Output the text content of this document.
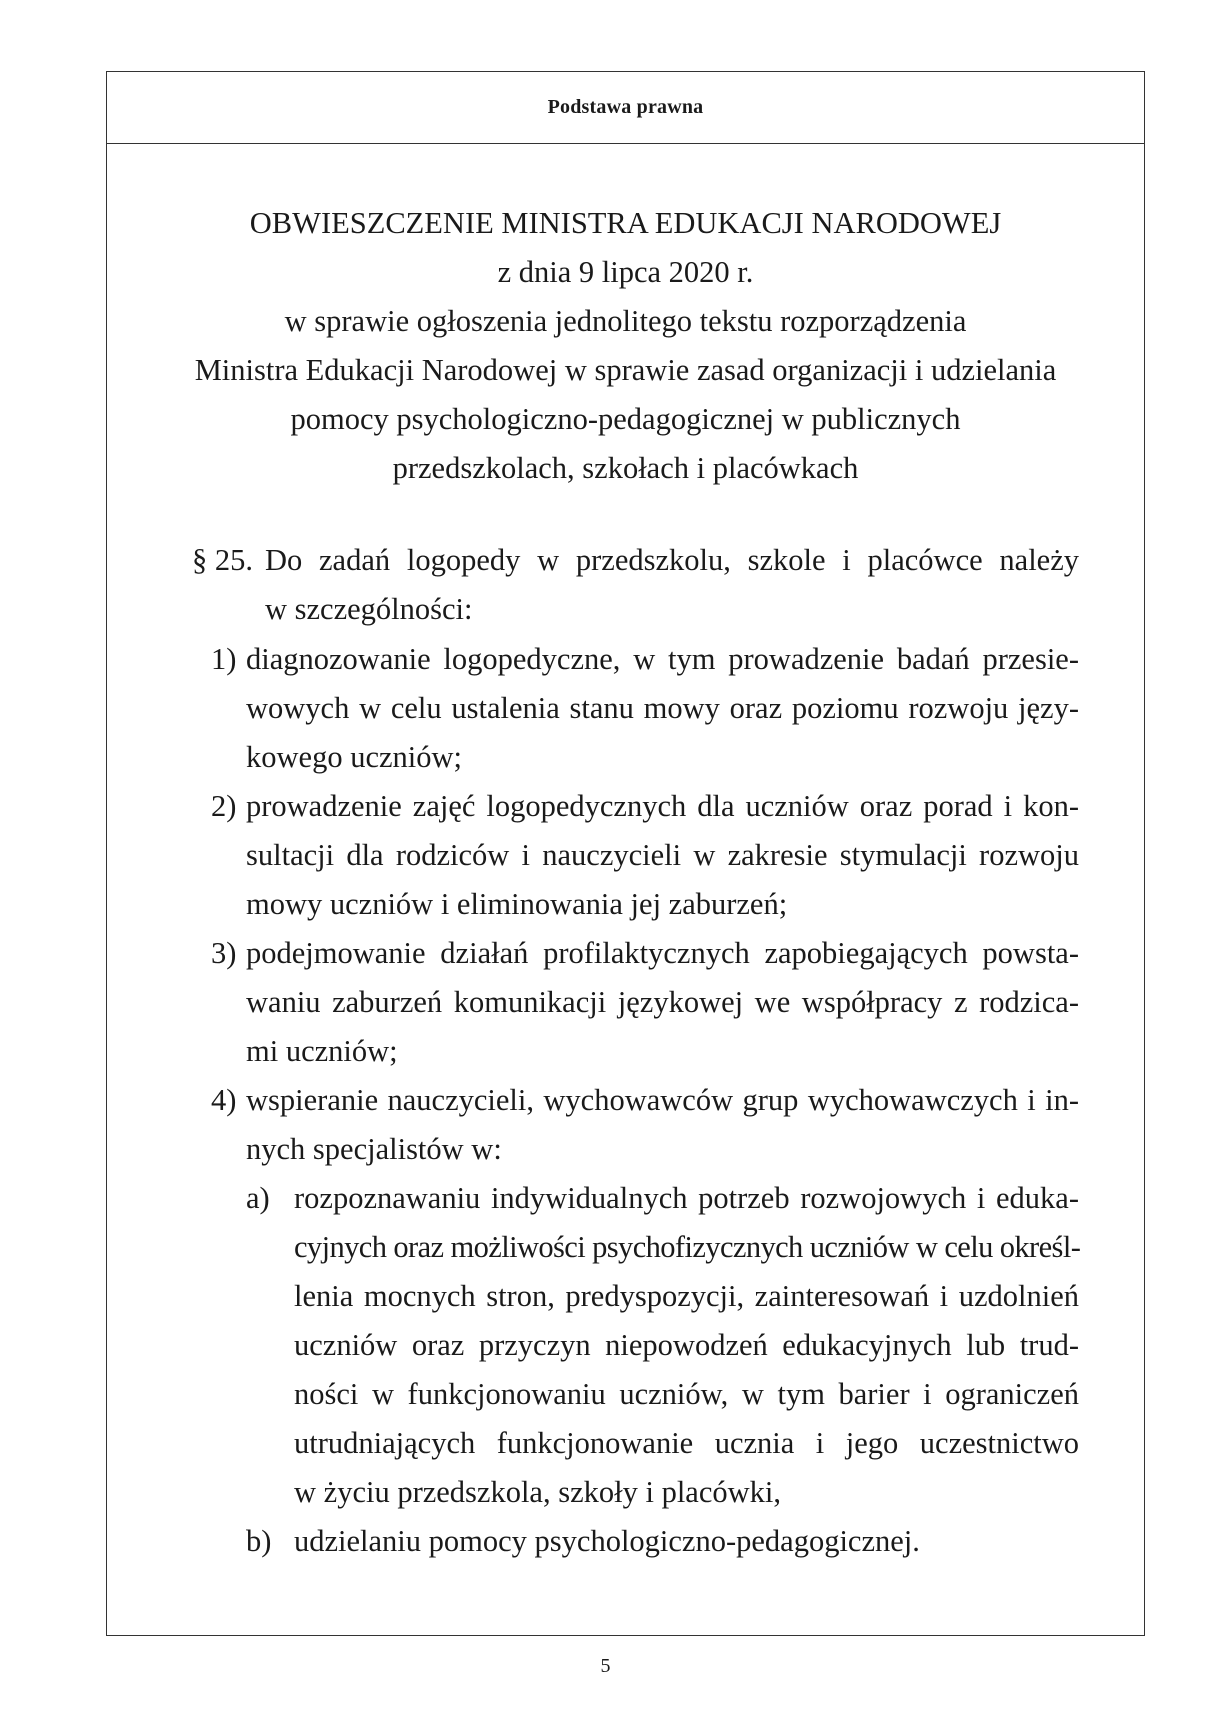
Podstawa prawna
OBWIESZCZENIE MINISTRA EDUKACJI NARODOWEJ
z dnia 9 lipca 2020 r.
w sprawie ogłoszenia jednolitego tekstu rozporządzenia
Ministra Edukacji Narodowej w sprawie zasad organizacji i udzielania
pomocy psychologiczno-pedagogicznej w publicznych
przedszkolach, szkołach i placówkach
§ 25. Do zadań logopedy w przedszkolu, szkole i placówce należy
w szczególności:
1) diagnozowanie logopedyczne, w tym prowadzenie badań przesie-
wowych w celu ustalenia stanu mowy oraz poziomu rozwoju języ-
kowego uczniów;
2) prowadzenie zajęć logopedycznych dla uczniów oraz porad i kon-
sultacji dla rodziców i nauczycieli w zakresie stymulacji rozwoju
mowy uczniów i eliminowania jej zaburzeń;
3) podejmowanie działań profilaktycznych zapobiegających powsta-
waniu zaburzeń komunikacji językowej we współpracy z rodzica-
mi uczniów;
4) wspieranie nauczycieli, wychowawców grup wychowawczych i in-
nych specjalistów w:
a) rozpoznawaniu indywidualnych potrzeb rozwojowych i eduka-
cyjnych oraz możliwości psychofizycznych uczniów w celu określ-
lenia mocnych stron, predyspozycji, zainteresowań i uzdolnień
uczniów oraz przyczyn niepowodzeń edukacyjnych lub trud-
ności w funkcjonowaniu uczniów, w tym barier i ograniczeń
utrudniających funkcjonowanie ucznia i jego uczestnictwo
w życiu przedszkola, szkoły i placówki,
b) udzielaniu pomocy psychologiczno-pedagogicznej.
5
